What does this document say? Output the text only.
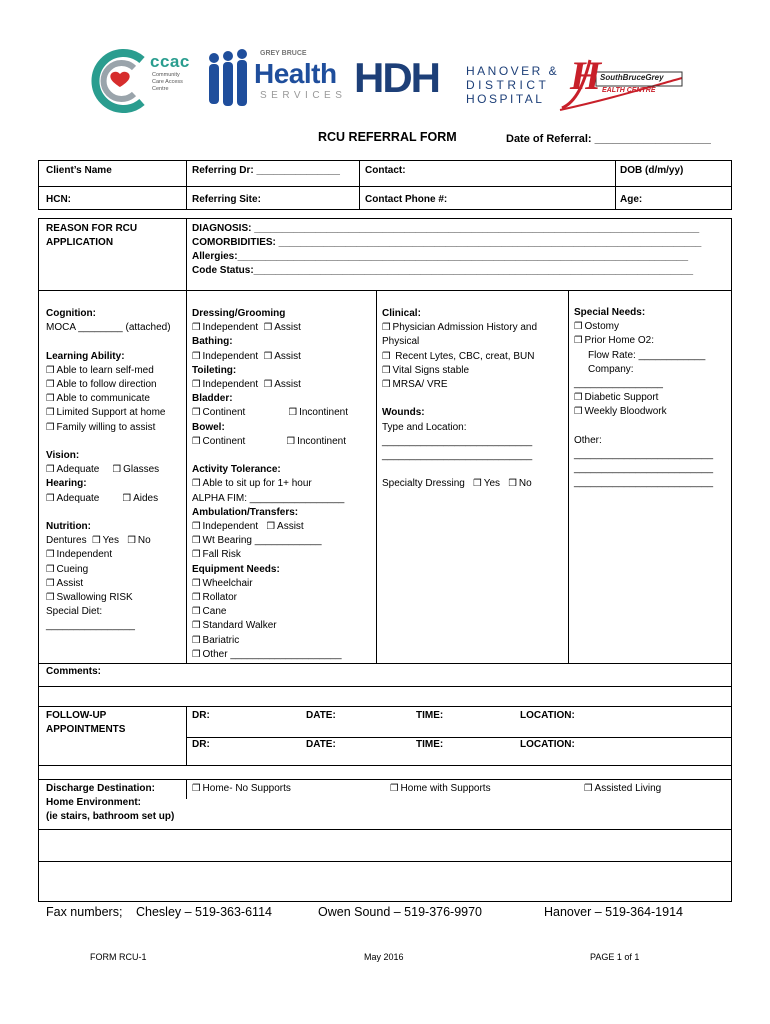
ccac
Community
Care Access
Centre
GREY BRUCE
Health
SERVICES HDH HANOVER &
DISTRICT
HOSPITAL
H
SouthBruceGrey
EALTH CENTRE
RCU REFERRAL FORM	Date of Referral: ___________________
Client’s Name	Referring Dr: _______________	Contact:	DOB (d/m/yy)
HCN:	Referring Site:	Contact Phone #:	Age:
REASON FOR RCU
APPLICATION
DIAGNOSIS: ________________________________________________________________________________
COMORBIDITIES: ____________________________________________________________________________
Allergies:_________________________________________________________________________________
Code Status:_______________________________________________________________________________
Cognition:
MOCA ________ (attached)
Learning Ability:
❒ Able to learn self-med
❒ Able to follow direction
❒ Able to communicate
❒ Limited Support at home
❒ Family willing to assist
Vision:
❒ Adequate ❒ Glasses
Hearing:
❒ Adequate ❒ Aides
Nutrition:
Dentures ❒ Yes ❒ No
❒ Independent
❒ Cueing
❒ Assist
❒ Swallowing RISK
Special Diet:
________________
Dressing/Grooming
❒ Independent ❒ Assist
Bathing:
❒ Independent ❒ Assist
Toileting:
❒ Independent ❒ Assist
Bladder:
❒ Continent	❒ Incontinent
Bowel:
❒ Continent	❒ Incontinent
Activity Tolerance:
❒ Able to sit up for 1+ hour
ALPHA FIM: _________________
Ambulation/Transfers:
❒ Independent ❒ Assist
❒ Wt Bearing ____________
❒ Fall Risk
Equipment Needs:
❒ Wheelchair
❒ Rollator
❒ Cane
❒ Standard Walker
❒ Bariatric
❒ Other ____________________
Clinical:
❒ Physician Admission History and
Physical
❒ Recent Lytes, CBC, creat, BUN
❒ Vital Signs stable
❒ MRSA/ VRE
Wounds:
Type and Location:
___________________________
___________________________
Specialty Dressing ❒ Yes ❒ No
Special Needs:
❒ Ostomy
❒ Prior Home O2:
Flow Rate: ____________
Company:
________________
❒ Diabetic Support
❒ Weekly Bloodwork
Other:
_________________________
_________________________
_________________________
Comments:
FOLLOW-UP
APPOINTMENTS
DR:	DATE:	TIME:	LOCATION:
DR:	DATE:	TIME:	LOCATION:
Discharge Destination:	❒ Home- No Supports	❒ Home with Supports	❒ Assisted Living
Home Environment:
(ie stairs, bathroom set up)
Fax numbers; Chesley – 519-363-6114	Owen Sound – 519-376-9970	Hanover – 519-364-1914
FORM RCU-1	May 2016	PAGE 1 of 1
